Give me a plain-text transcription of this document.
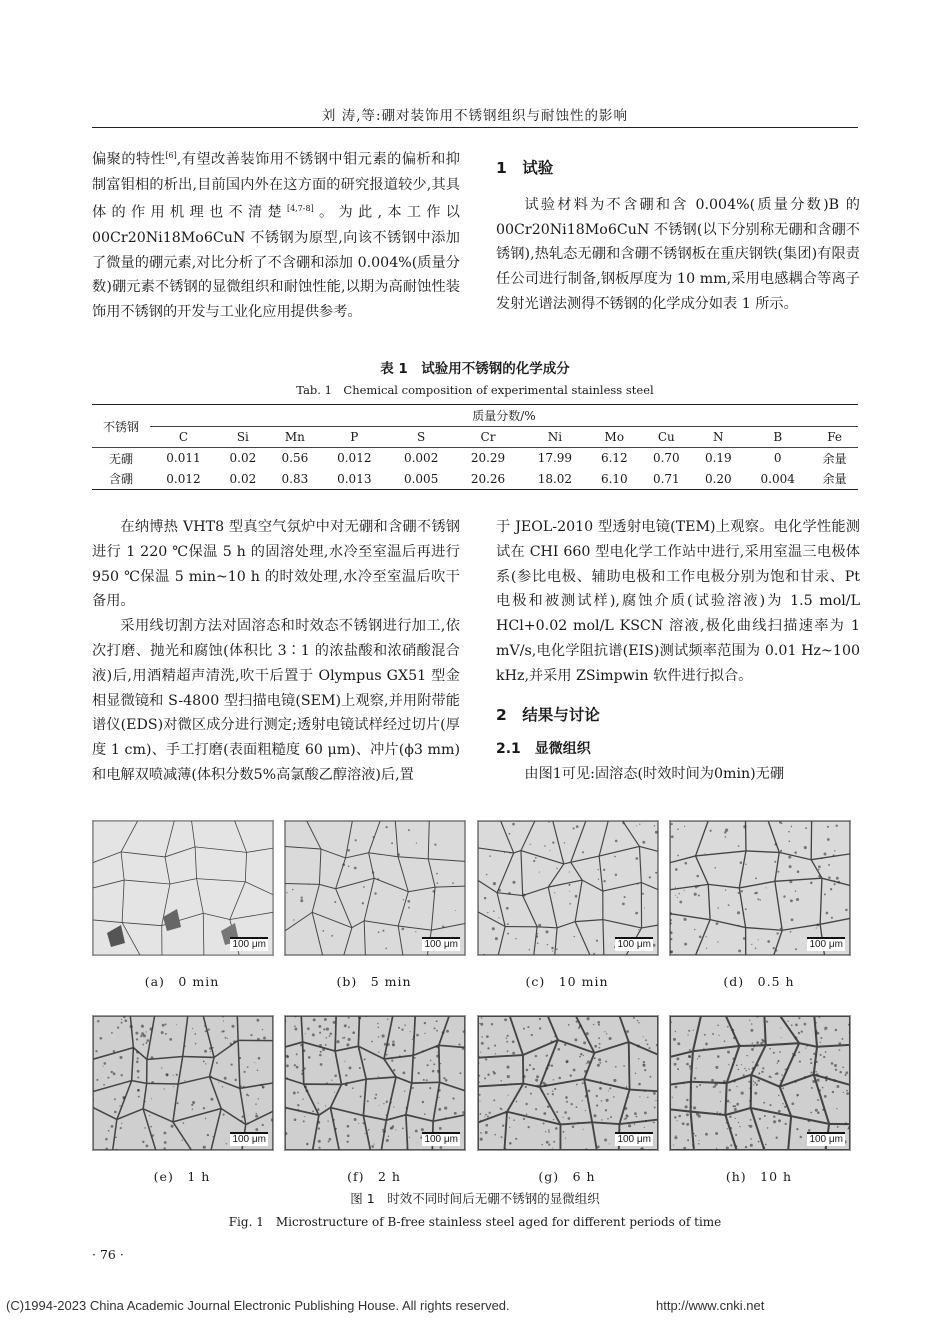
刘 涛,等:硼对装饰用不锈钢组织与耐蚀性的影响

偏聚的特性[6],有望改善装饰用不锈钢中钼元素的偏析和抑制富钼相的析出,目前国内外在这方面的研究报道较少,其具体的作用机理也不清楚[4,7-8]。为此,本工作以 00Cr20Ni18Mo6CuN 不锈钢为原型,向该不锈钢中添加了微量的硼元素,对比分析了不含硼和添加 0.004%(质量分数)硼元素不锈钢的显微组织和耐蚀性能,以期为高耐蚀性装饰用不锈钢的开发与工业化应用提供参考。

1　试验

试验材料为不含硼和含 0.004%(质量分数)B 的 00Cr20Ni18Mo6CuN 不锈钢(以下分别称无硼和含硼不锈钢),热轧态无硼和含硼不锈钢板在重庆钢铁(集团)有限责任公司进行制备,钢板厚度为 10 mm,采用电感耦合等离子发射光谱法测得不锈钢的化学成分如表 1 所示。

表 1　试验用不锈钢的化学成分
Tab. 1　Chemical composition of experimental stainless steel
不锈钢	质量分数/%											
	C	Si	Mn	P	S	Cr	Ni	Mo	Cu	N	B	Fe
无硼	0.011	0.02	0.56	0.012	0.002	20.29	17.99	6.12	0.70	0.19	0	余量
含硼	0.012	0.02	0.83	0.013	0.005	20.26	18.02	6.10	0.71	0.20	0.004	余量

在纳博热 VHT8 型真空气氛炉中对无硼和含硼不锈钢进行 1 220 ℃保温 5 h 的固溶处理,水冷至室温后再进行 950 ℃保温 5 min~10 h 的时效处理,水冷至室温后吹干备用。

采用线切割方法对固溶态和时效态不锈钢进行加工,依次打磨、抛光和腐蚀(体积比 3∶1 的浓盐酸和浓硝酸混合液)后,用酒精超声清洗,吹干后置于 Olympus GX51 型金相显微镜和 S-4800 型扫描电镜(SEM)上观察,并用附带能谱仪(EDS)对微区成分进行测定;透射电镜试样经过切片(厚度 1 cm)、手工打磨(表面粗糙度 60 μm)、冲片(ϕ3 mm)和电解双喷减薄(体积分数5%高氯酸乙醇溶液)后,置

于 JEOL-2010 型透射电镜(TEM)上观察。电化学性能测试在 CHI 660 型电化学工作站中进行,采用室温三电极体系(参比电极、辅助电极和工作电极分别为饱和甘汞、Pt 电极和被测试样),腐蚀介质(试验溶液)为 1.5 mol/L HCl+0.02 mol/L KSCN 溶液,极化曲线扫描速率为 1 mV/s,电化学阻抗谱(EIS)测试频率范围为 0.01 Hz~100 kHz,并采用 ZSimpwin 软件进行拟合。

2　结果与讨论
2.1　显微组织

由图1可见:固溶态(时效时间为0min)无硼

100 μm
(a)　0 min
100 μm
(b)　5 min
100 μm
(c)　10 min
100 μm
(d)　0.5 h
100 μm
(e)　1 h
100 μm
(f)　2 h
100 μm
(g)　6 h
100 μm
(h)　10 h
图 1　时效不同时间后无硼不锈钢的显微组织
Fig. 1　Microstructure of B-free stainless steel aged for different periods of time
· 76 ·
(C)1994-2023 China Academic Journal Electronic Publishing House. All rights reserved.	http://www.cnki.net
